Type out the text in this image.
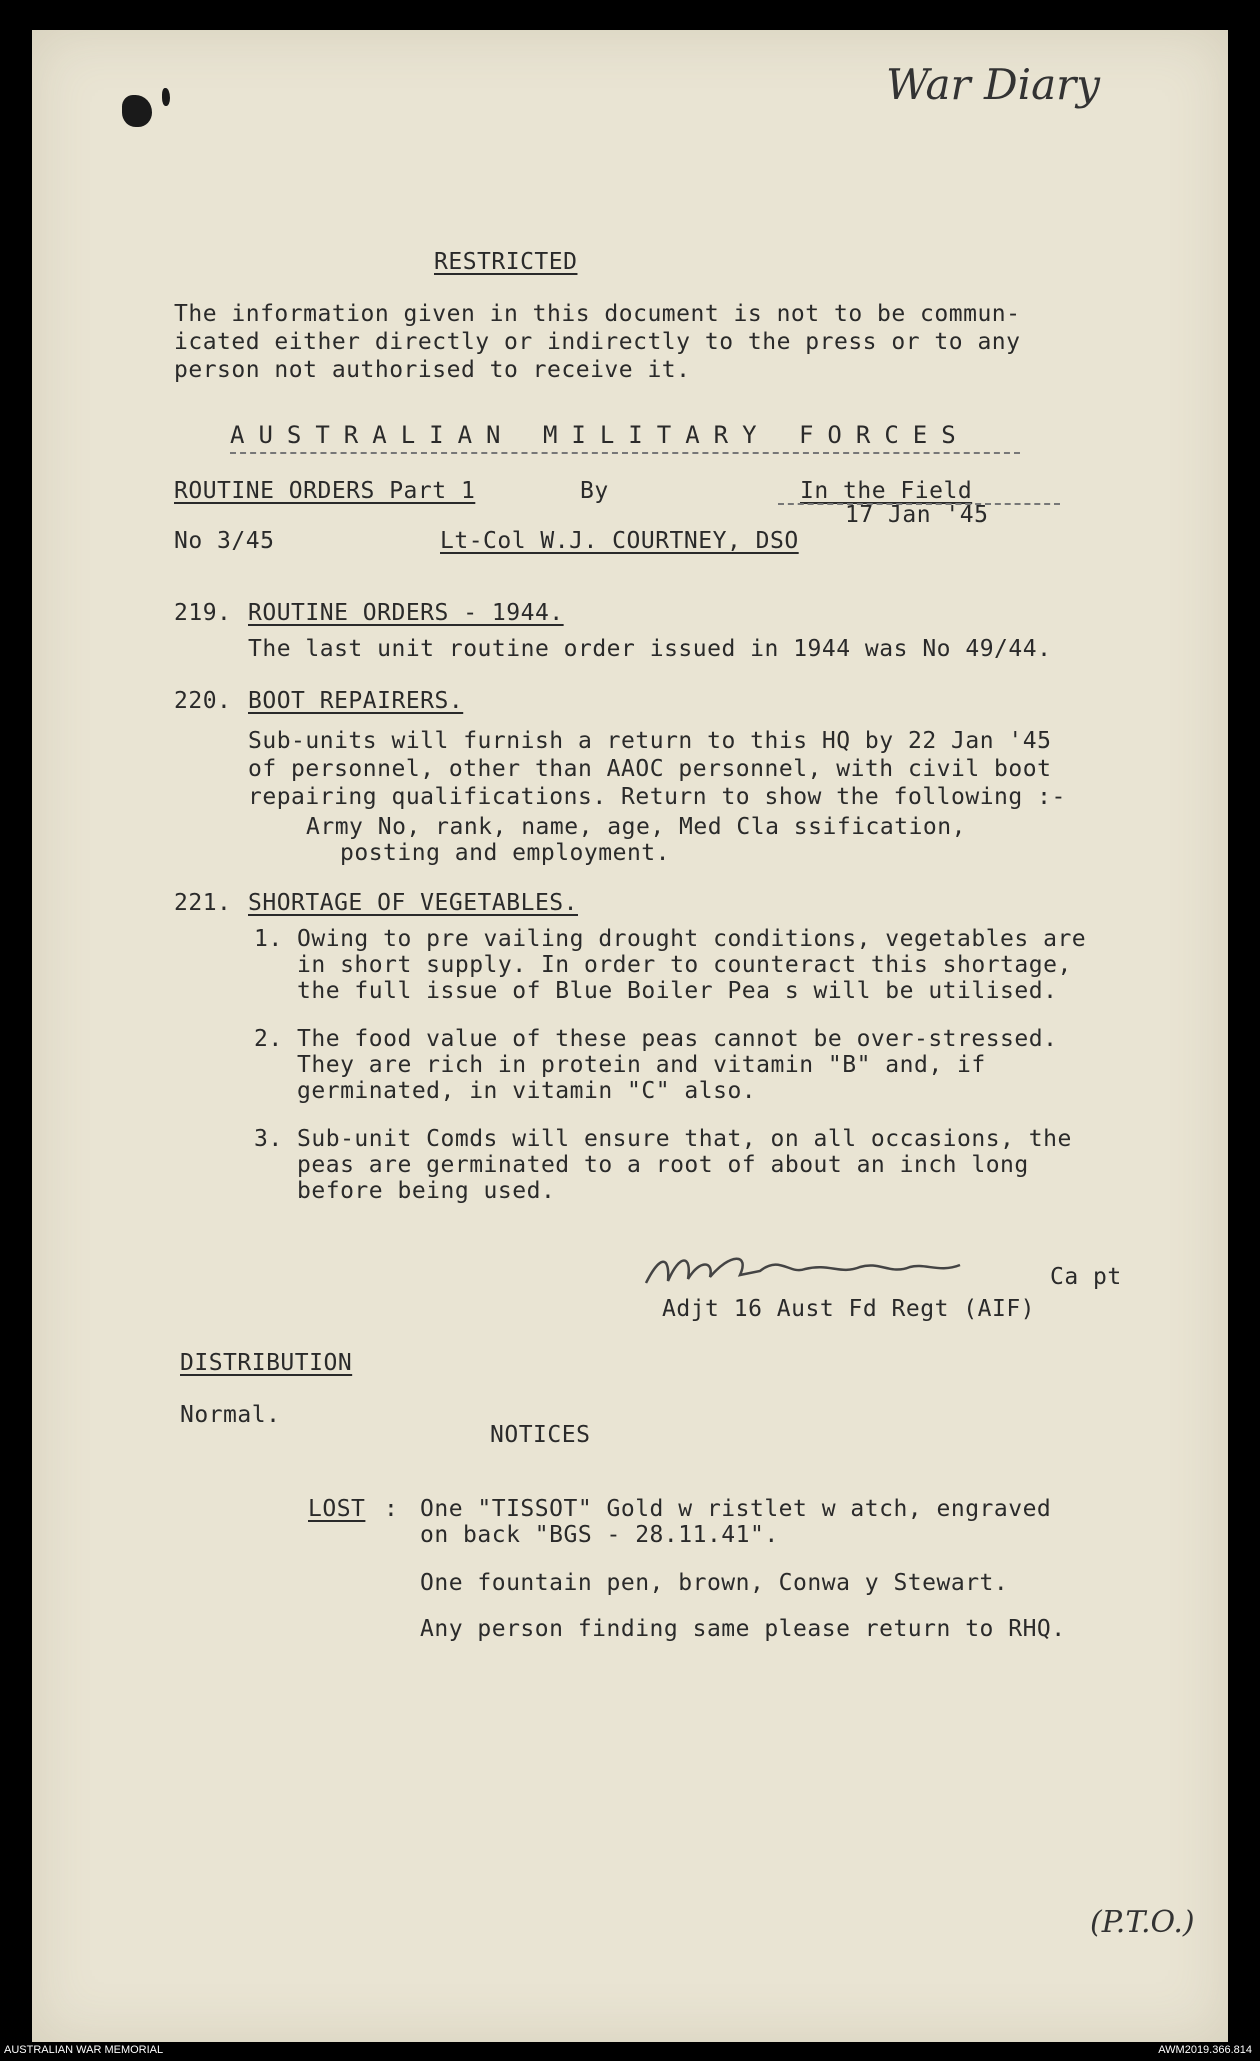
War Diary
RESTRICTED
The information given in this document is not to be commun-
icated either directly or indirectly to the press or to any
person not authorised to receive it.
AUSTRALIAN MILITARY FORCES
ROUTINE ORDERS Part 1	By	In the Field
17 Jan '45
No 3/45	Lt-Col W.J. COURTNEY, DSO
219. ROUTINE ORDERS - 1944.
The last unit routine order issued in 1944 was No 49/44.
220. BOOT REPAIRERS.
Sub-units will furnish a return to this HQ by 22 Jan '45
of personnel, other than AAOC personnel, with civil boot
repairing qualifications. Return to show the following :-
Army No, rank, name, age, Med Cla ssification,
posting and employment.
221. SHORTAGE OF VEGETABLES.
1. Owing to pre vailing drought conditions, vegetables are
in short supply. In order to counteract this shortage,
the full issue of Blue Boiler Pea s will be utilised.
2. The food value of these peas cannot be over-stressed.
They are rich in protein and vitamin "B" and, if
germinated, in vitamin "C" also.
3. Sub-unit Comds will ensure that, on all occasions, the
peas are germinated to a root of about an inch long
before being used.
Ca pt
Adjt 16 Aust Fd Regt (AIF)
DISTRIBUTION
Normal.
NOTICES
LOST : One "TISSOT" Gold w ristlet w atch, engraved
on back "BGS - 28.11.41".
One fountain pen, brown, Conwa y Stewart.
Any person finding same please return to RHQ.
(P.T.O.)
AUSTRALIAN WAR MEMORIAL	AWM2019.366.814
